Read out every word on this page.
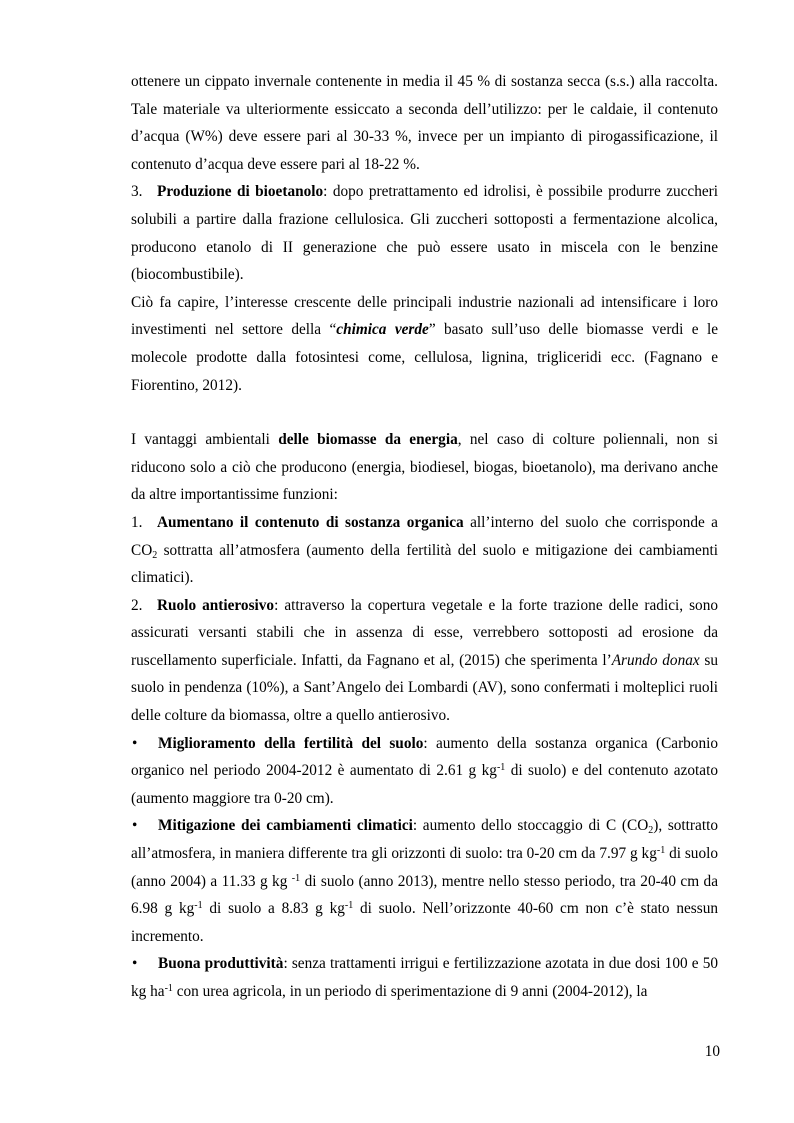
ottenere un cippato invernale contenente in media il 45 % di sostanza secca (s.s.) alla raccolta. Tale materiale va ulteriormente essiccato a seconda dell’utilizzo: per le caldaie, il contenuto d’acqua (W%) deve essere pari al 30-33 %, invece per un impianto di pirogassificazione, il contenuto d’acqua deve essere pari al 18-22 %.

3. Produzione di bioetanolo: dopo pretrattamento ed idrolisi, è possibile produrre zuccheri solubili a partire dalla frazione cellulosica. Gli zuccheri sottoposti a fermentazione alcolica, producono etanolo di II generazione che può essere usato in miscela con le benzine (biocombustibile).

Ciò fa capire, l’interesse crescente delle principali industrie nazionali ad intensificare i loro investimenti nel settore della “chimica verde” basato sull’uso delle biomasse verdi e le molecole prodotte dalla fotosintesi come, cellulosa, lignina, trigliceridi ecc. (Fagnano e Fiorentino, 2012).

I vantaggi ambientali delle biomasse da energia, nel caso di colture poliennali, non si riducono solo a ciò che producono (energia, biodiesel, biogas, bioetanolo), ma derivano anche da altre importantissime funzioni:

1. Aumentano il contenuto di sostanza organica all’interno del suolo che corrisponde a $CO_2$ sottratta all’atmosfera (aumento della fertilità del suolo e mitigazione dei cambiamenti climatici).

2. Ruolo antierosivo: attraverso la copertura vegetale e la forte trazione delle radici, sono assicurati versanti stabili che in assenza di esse, verrebbero sottoposti ad erosione da ruscellamento superficiale. Infatti, da Fagnano et al, (2015) che sperimenta l’Arundo donax su suolo in pendenza (10%), a Sant’Angelo dei Lombardi (AV), sono confermati i molteplici ruoli delle colture da biomassa, oltre a quello antierosivo.

• Miglioramento della fertilità del suolo: aumento della sostanza organica (Carbonio organico nel periodo 2004-2012 è aumentato di 2.61 g $kg^{-1}$ di suolo) e del contenuto azotato (aumento maggiore tra 0-20 cm).

• Mitigazione dei cambiamenti climatici: aumento dello stoccaggio di C $(CO_2)$, sottratto all’atmosfera, in maniera differente tra gli orizzonti di suolo: tra 0-20 cm da 7.97 g $kg^{-1}$ di suolo (anno 2004) a 11.33 g kg $^{-1}$ di suolo (anno 2013), mentre nello stesso periodo, tra 20-40 cm da 6.98 g $kg^{-1}$ di suolo a 8.83 g $kg^{-1}$ di suolo. Nell’orizzonte 40-60 cm non c’è stato nessun incremento.

• Buona produttività: senza trattamenti irrigui e fertilizzazione azotata in due dosi 100 e 50 kg $ha^{-1}$ con urea agricola, in un periodo di sperimentazione di 9 anni (2004-2012), la

10
